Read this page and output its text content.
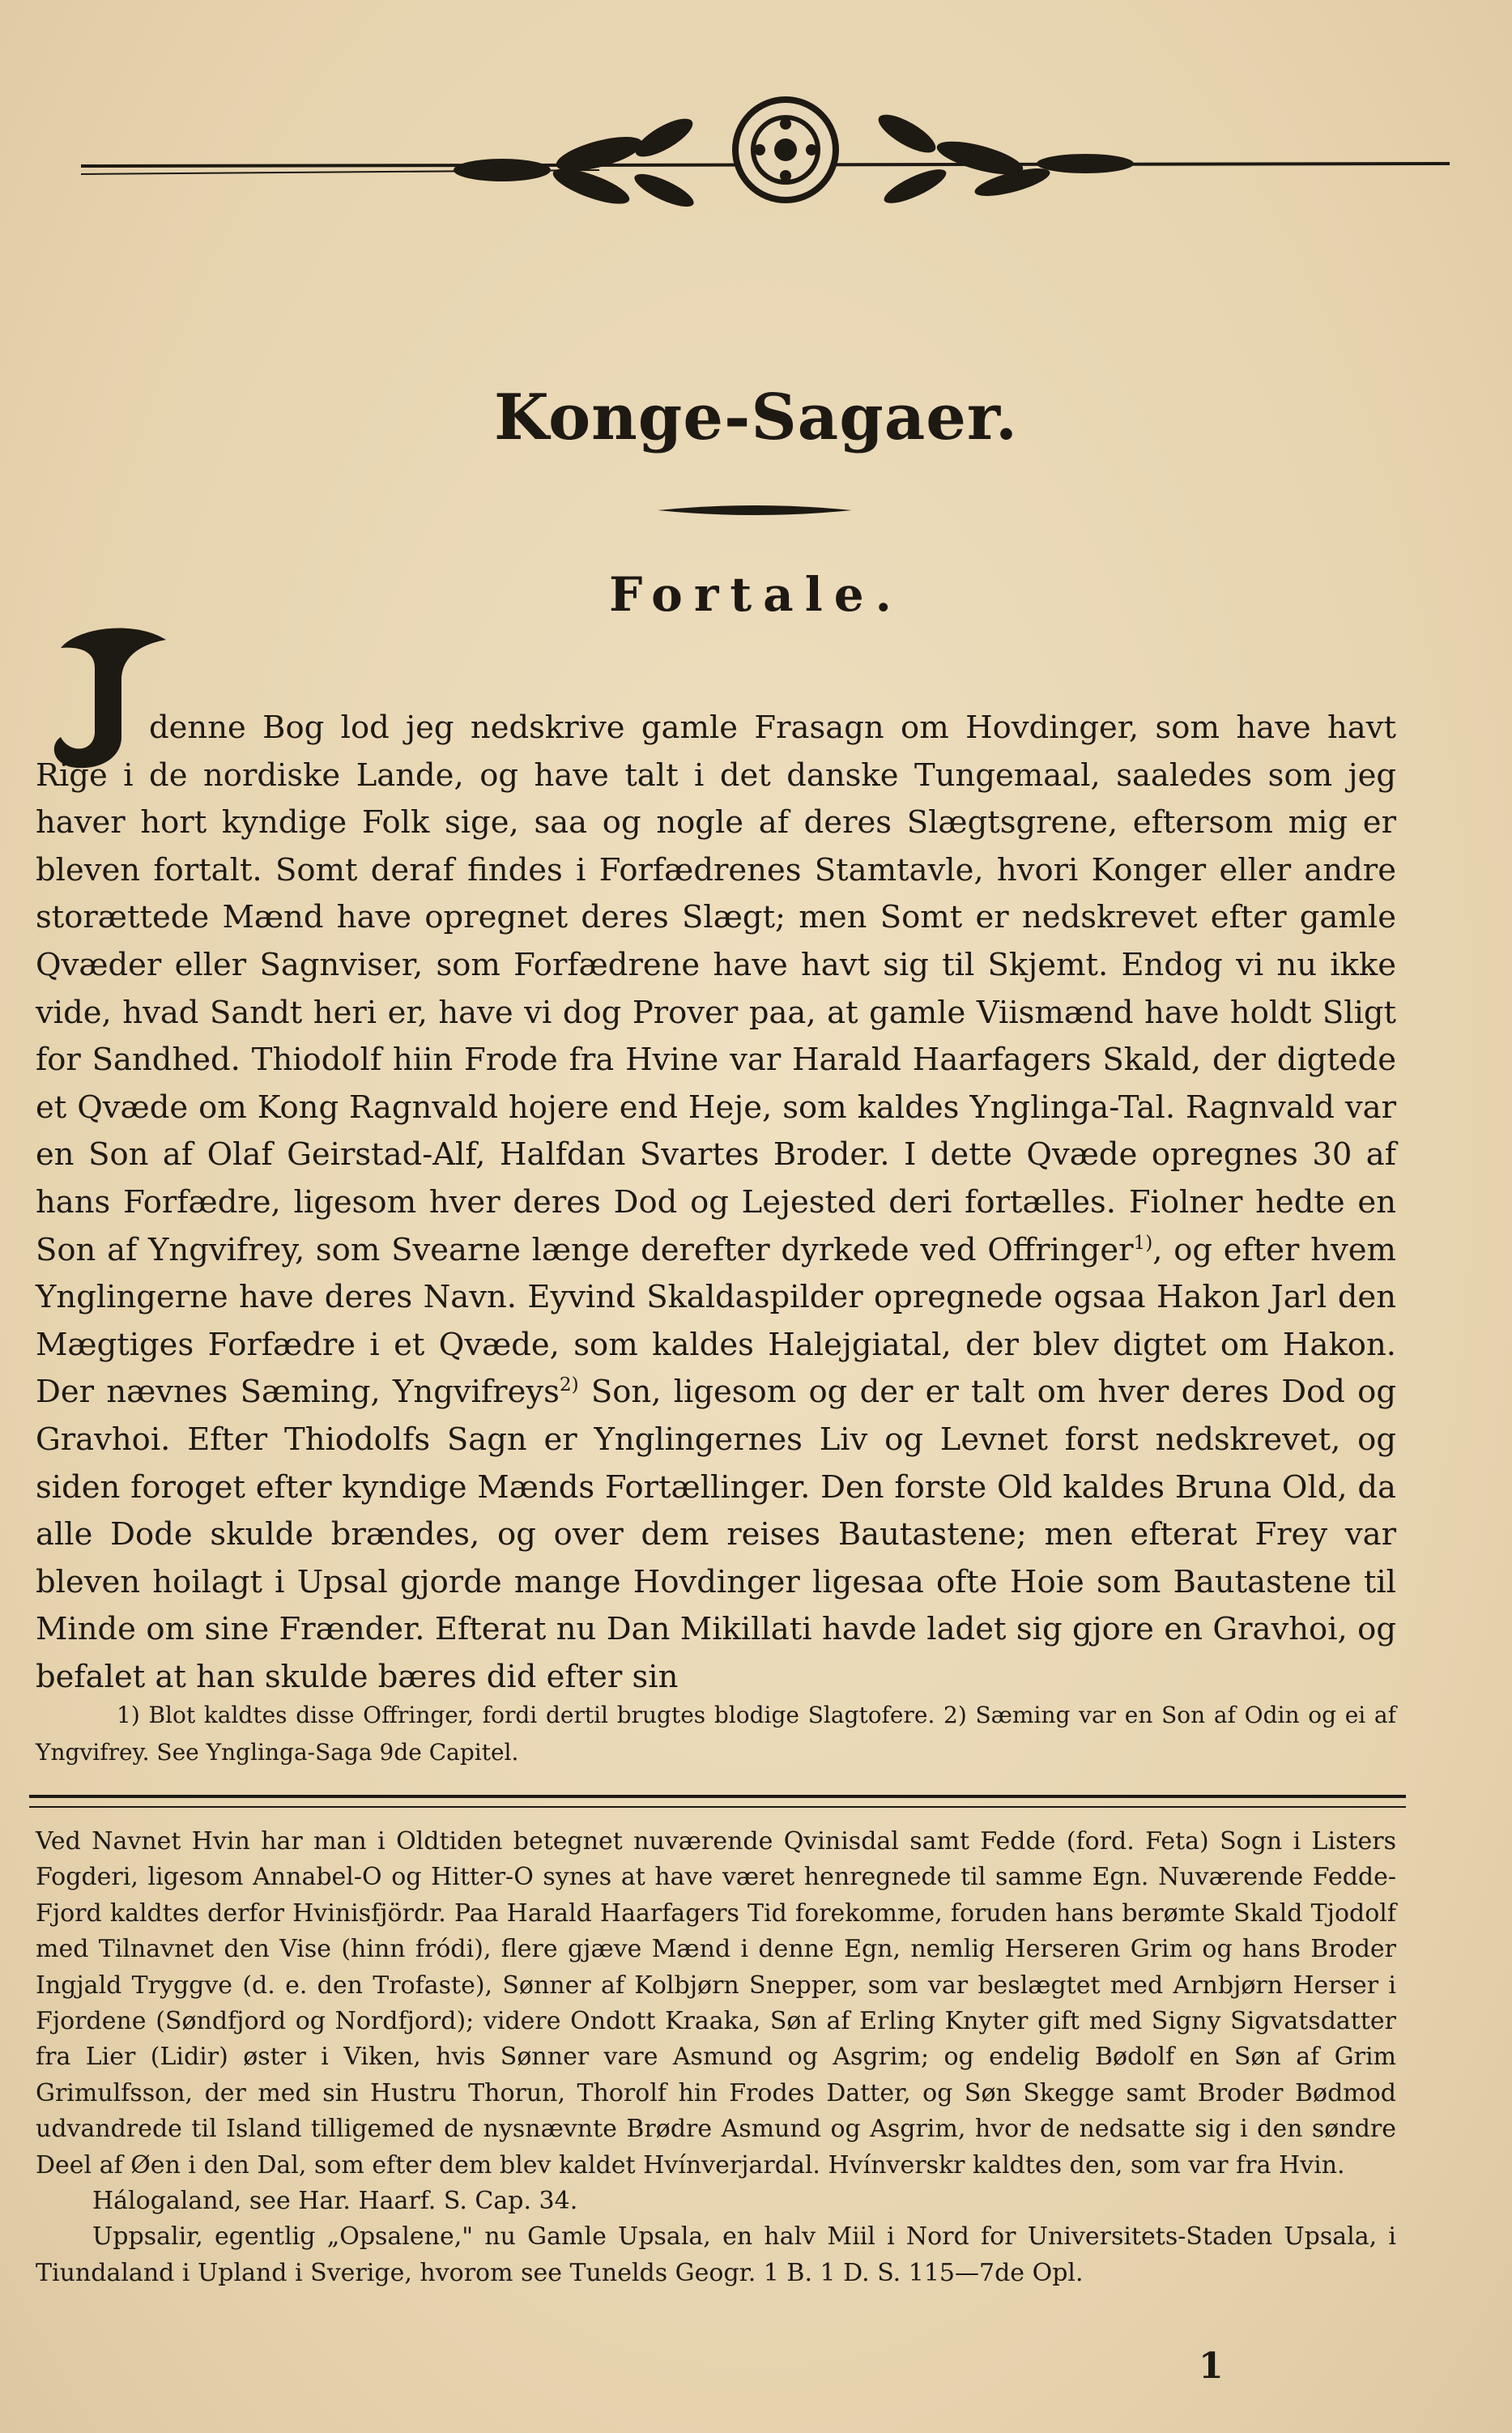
Konge-Sagaer.
Fortale.

denne Bog lod jeg nedskrive gamle Frasagn om Hovdinger, som have havt Rige i de nordiske Lande, og have talt i det danske Tungemaal, saaledes som jeg haver hort kyndige Folk sige, saa og nogle af deres Slægtsgrene, eftersom mig er bleven fortalt. Somt deraf findes i Forfædrenes Stamtavle, hvori Konger eller andre storættede Mænd have opregnet deres Slægt; men Somt er nedskrevet efter gamle Qvæder eller Sagnviser, som Forfædrene have havt sig til Skjemt. Endog vi nu ikke vide, hvad Sandt heri er, have vi dog Prover paa, at gamle Viismænd have holdt Sligt for Sandhed. Thiodolf hiin Frode fra Hvine var Harald Haarfagers Skald, der digtede et Qvæde om Kong Ragnvald hojere end Heje, som kaldes Ynglinga-Tal. Ragnvald var en Son af Olaf Geirstad-Alf, Halfdan Svartes Broder. I dette Qvæde opregnes 30 af hans Forfædre, ligesom hver deres Dod og Lejested deri fortælles. Fiolner hedte en Son af Yngvifrey, som Svearne længe derefter dyrkede ved Offringer$^{1)}$, og efter hvem Ynglingerne have deres Navn. Eyvind Skaldaspilder opregnede ogsaa Hakon Jarl den Mægtiges Forfædre i et Qvæde, som kaldes Halejgiatal, der blev digtet om Hakon. Der nævnes Sæming, Yngvifreys$^{2)}$ Son, ligesom og der er talt om hver deres Dod og Gravhoi. Efter Thiodolfs Sagn er Ynglingernes Liv og Levnet forst nedskrevet, og siden foroget efter kyndige Mænds Fortællinger. Den forste Old kaldes Bruna Old, da alle Dode skulde brændes, og over dem reises Bautastene; men efterat Frey var bleven hoilagt i Upsal gjorde mange Hovdinger ligesaa ofte Hoie som Bautastene til Minde om sine Frænder. Efterat nu Dan Mikillati havde ladet sig gjore en Gravhoi, og befalet at han skulde bæres did efter sin

1) Blot kaldtes disse Offringer, fordi dertil brugtes blodige Slagtofere. 2) Sæming var en Son af Odin og ei af Yngvifrey. See Ynglinga-Saga 9de Capitel.

Ved Navnet Hvin har man i Oldtiden betegnet nuværende Qvinisdal samt Fedde (ford. Feta) Sogn i Listers Fogderi, ligesom Annabel-O og Hitter-O synes at have været henregnede til samme Egn. Nuværende Fedde-Fjord kaldtes derfor Hvinisfjördr. Paa Harald Haarfagers Tid forekomme, foruden hans berømte Skald Tjodolf med Tilnavnet den Vise (hinn fródi), flere gjæve Mænd i denne Egn, nemlig Herseren Grim og hans Broder Ingjald Tryggve (d. e. den Trofaste), Sønner af Kolbjørn Snepper, som var beslægtet med Arnbjørn Herser i Fjordene (Søndfjord og Nordfjord); videre Ondott Kraaka, Søn af Erling Knyter gift med Signy Sigvatsdatter fra Lier (Lidir) øster i Viken, hvis Sønner vare Asmund og Asgrim; og endelig Bødolf en Søn af Grim Grimulfsson, der med sin Hustru Thorun, Thorolf hin Frodes Datter, og Søn Skegge samt Broder Bødmod udvandrede til Island tilligemed de nysnævnte Brødre Asmund og Asgrim, hvor de nedsatte sig i den søndre Deel af Øen i den Dal, som efter dem blev kaldet Hvínverjardal. Hvínverskr kaldtes den, som var fra Hvin.

Hálogaland, see Har. Haarf. S. Cap. 34.

Uppsalir, egentlig „Opsalene," nu Gamle Upsala, en halv Miil i Nord for Universitets-Staden Upsala, i Tiundaland i Upland i Sverige, hvorom see Tunelds Geogr. 1 B. 1 D. S. 115—7de Opl.

1
